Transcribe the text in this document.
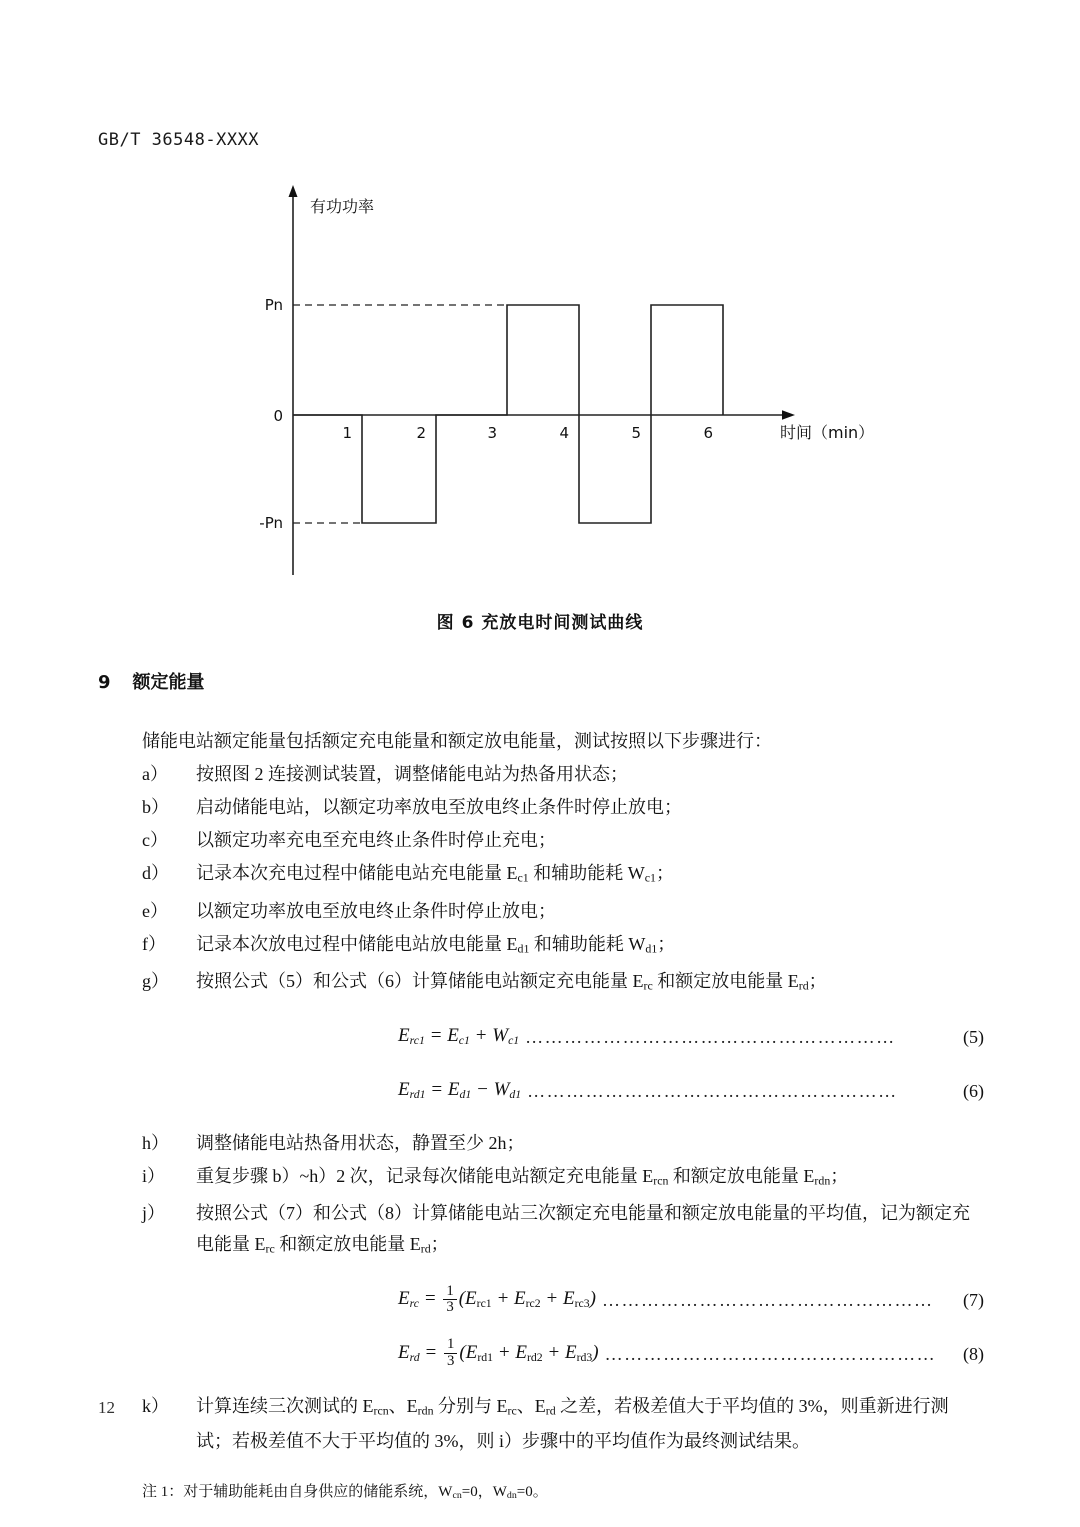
GB/T 36548-XXXX
Pn
0
-Pn
1	2	3	4	5	6
有功功率
时间（min）
图 6 充放电时间测试曲线
9 额定能量

储能电站额定能量包括额定充电能量和额定放电能量，测试按照以下步骤进行：

a）	按照图 2 连接测试装置，调整储能电站为热备用状态；
b）	启动储能电站，以额定功率放电至放电终止条件时停止放电；
c）	以额定功率充电至充电终止条件时停止充电；
d）	记录本次充电过程中储能电站充电能量 $E_{c1}$ 和辅助能耗 $W_{c1}$；
e）	以额定功率放电至放电终止条件时停止放电；
f）	记录本次放电过程中储能电站放电能量 $E_{d1}$ 和辅助能耗 $W_{d1}$；
g）	按照公式（5）和公式（6）计算储能电站额定充电能量 $E_{rc}$ 和额定放电能量 $E_{rd}$；
$E_{rc1} = E_{c1} + W_{c1}$ …………………………………………………	(5)
$E_{rd1} = E_{d1} - W_{d1}$ …………………………………………………	(6)
h）	调整储能电站热备用状态，静置至少 2h；
i）	重复步骤 b）~h）2 次，记录每次储能电站额定充电能量 $E_{rcn}$ 和额定放电能量 $E_{rdn}$；
j）	按照公式（7）和公式（8）计算储能电站三次额定充电能量和额定放电能量的平均值，记为额定充电能量 $E_{rc}$ 和额定放电能量 $E_{rd}$；
$E_{rc} = \frac{1}{3} (E_{rc1} + E_{rc2} + E_{rc3})$ ……………………………………………	(7)
$E_{rd} = \frac{1}{3} (E_{rd1} + E_{rd2} + E_{rd3})$ ……………………………………………	(8)
k）	计算连续三次测试的 $E_{rcn}$、$E_{rdn}$ 分别与 $E_{rc}$、$E_{rd}$ 之差，若极差值大于平均值的 3%，则重新进行测试；若极差值不大于平均值的 3%，则 i）步骤中的平均值作为最终测试结果。
注 1：对于辅助能耗由自身供应的储能系统，$W_{cn}=0$，$W_{dn}=0$。
12
